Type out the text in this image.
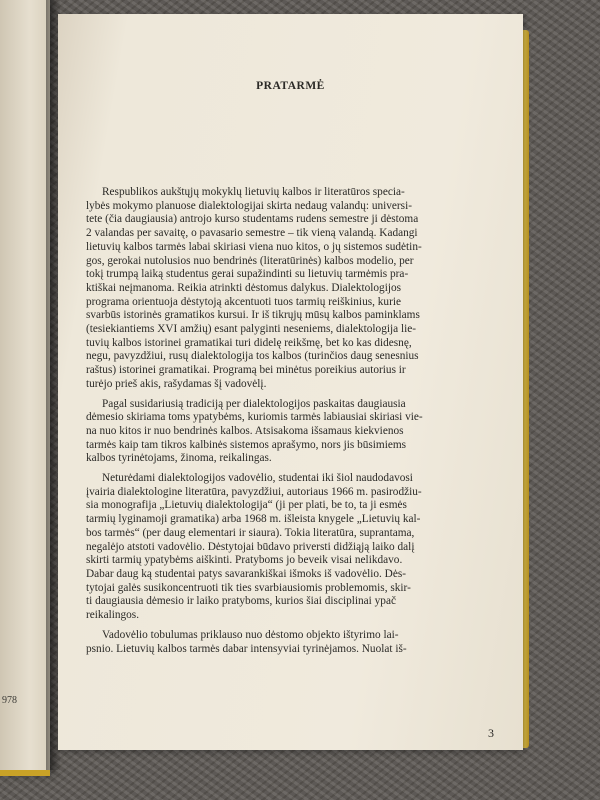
978
PRATARMĖ
Respublikos aukštųjų mokyklų lietuvių kalbos ir literatūros specia-
lybės mokymo planuose dialektologijai skirta nedaug valandų: universi-
tete (čia daugiausia) antrojo kurso studentams rudens semestre ji dėstoma
2 valandas per savaitę, o pavasario semestre – tik vieną valandą. Kadangi
lietuvių kalbos tarmės labai skiriasi viena nuo kitos, o jų sistemos sudėtin-
gos, gerokai nutolusios nuo bendrinės (literatūrinės) kalbos modelio, per
tokį trumpą laiką studentus gerai supažindinti su lietuvių tarmėmis pra-
ktiškai neįmanoma. Reikia atrinkti dėstomus dalykus. Dialektologijos
programa orientuoja dėstytoją akcentuoti tuos tarmių reiškinius, kurie
svarbūs istorinės gramatikos kursui. Ir iš tikrųjų mūsų kalbos paminklams
(tesiekiantiems XVI amžių) esant palyginti neseniems, dialektologija lie-
tuvių kalbos istorinei gramatikai turi didelę reikšmę, bet ko kas didesnę,
negu, pavyzdžiui, rusų dialektologija tos kalbos (turinčios daug senesnius
raštus) istorinei gramatikai. Programą bei minėtus poreikius autorius ir
turėjo prieš akis, rašydamas šį vadovėlį.
Pagal susidariusią tradiciją per dialektologijos paskaitas daugiausia
dėmesio skiriama toms ypatybėms, kuriomis tarmės labiausiai skiriasi vie-
na nuo kitos ir nuo bendrinės kalbos. Atsisakoma išsamaus kiekvienos
tarmės kaip tam tikros kalbinės sistemos aprašymo, nors jis būsimiems
kalbos tyrinėtojams, žinoma, reikalingas.
Neturėdami dialektologijos vadovėlio, studentai iki šiol naudodavosi
įvairia dialektologine literatūra, pavyzdžiui, autoriaus 1966 m. pasirodžiu-
sia monografija „Lietuvių dialektologija“ (ji per plati, be to, ta ji esmės
tarmių lyginamoji gramatika) arba 1968 m. išleista knygele „Lietuvių kal-
bos tarmės“ (per daug elementari ir siaura). Tokia literatūra, suprantama,
negalėjo atstoti vadovėlio. Dėstytojai būdavo priversti didžiąją laiko dalį
skirti tarmių ypatybėms aiškinti. Pratyboms jo beveik visai nelikdavo.
Dabar daug ką studentai patys savarankiškai išmoks iš vadovėlio. Dės-
tytojai galės susikoncentruoti tik ties svarbiausiomis problemomis, skir-
ti daugiausia dėmesio ir laiko pratyboms, kurios šiai disciplinai ypač
reikalingos.
Vadovėlio tobulumas priklauso nuo dėstomo objekto ištyrimo lai-
psnio. Lietuvių kalbos tarmės dabar intensyviai tyrinėjamos. Nuolat iš-
3
